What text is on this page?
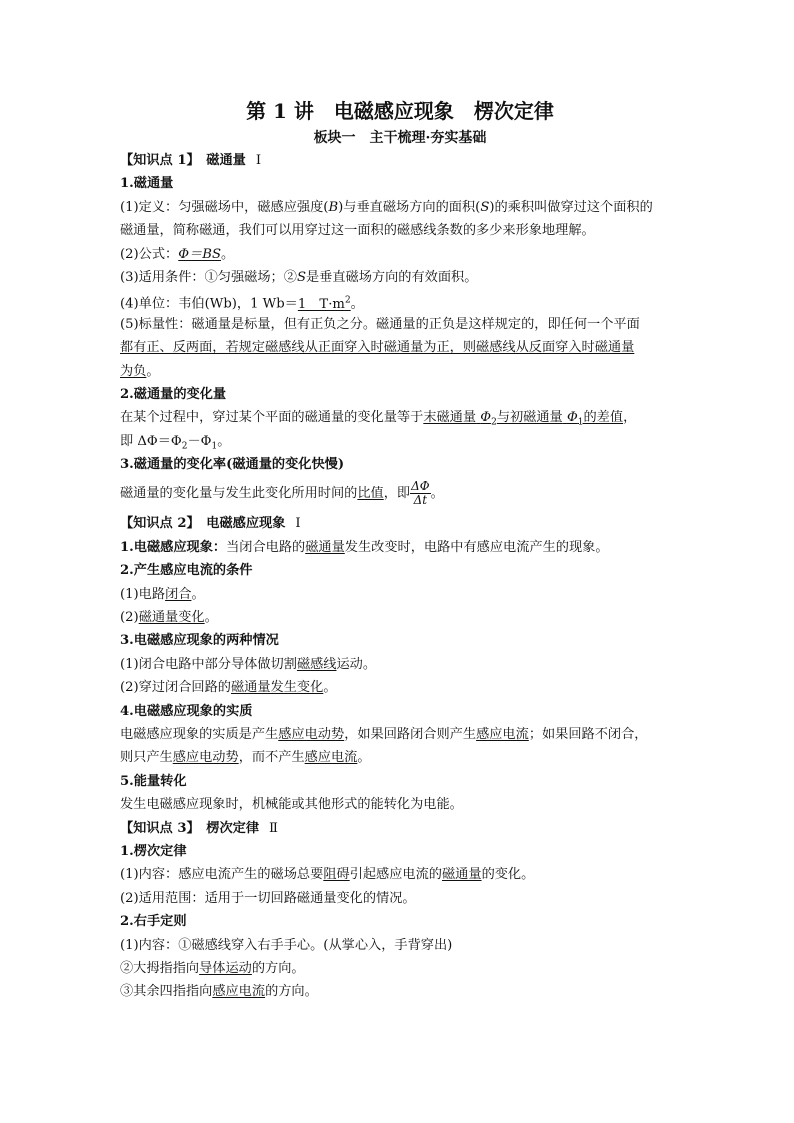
第 1 讲　电磁感应现象　楞次定律
板块一　主干梳理·夯实基础
【知识点 1】　磁通量 Ⅰ
1.磁通量
(1)定义：匀强磁场中，磁感应强度(B)与垂直磁场方向的面积(S)的乘积叫做穿过这个面积的
磁通量，简称磁通，我们可以用穿过这一面积的磁感线条数的多少来形象地理解。
(2)公式：Φ＝BS。
(3)适用条件：①匀强磁场；②S是垂直磁场方向的有效面积。
(4)单位：韦伯(Wb)，1 Wb＝1　$T\cdot m^2$。
(5)标量性：磁通量是标量，但有正负之分。磁通量的正负是这样规定的，即任何一个平面
都有正、反两面，若规定磁感线从正面穿入时磁通量为正，则磁感线从反面穿入时磁通量
为负。
2.磁通量的变化量
在某个过程中，穿过某个平面的磁通量的变化量等于末磁通量 $\Phi_2$与初磁通量 $\Phi_1$的差值，
即 $\Delta\Phi=\Phi_2-\Phi_1$。
3.磁通量的变化率(磁通量的变化快慢)
磁通量的变化量与发生此变化所用时间的比值，即 $\frac{\Delta\Phi}{\Delta t}$ 。
【知识点 2】　电磁感应现象 Ⅰ
1.电磁感应现象：当闭合电路的磁通量发生改变时，电路中有感应电流产生的现象。
2.产生感应电流的条件
(1)电路闭合。
(2)磁通量变化。
3.电磁感应现象的两种情况
(1)闭合电路中部分导体做切割磁感线运动。
(2)穿过闭合回路的磁通量发生变化。
4.电磁感应现象的实质
电磁感应现象的实质是产生感应电动势，如果回路闭合则产生感应电流；如果回路不闭合，
则只产生感应电动势，而不产生感应电流。
5.能量转化
发生电磁感应现象时，机械能或其他形式的能转化为电能。
【知识点 3】　楞次定律 Ⅱ
1.楞次定律
(1)内容：感应电流产生的磁场总要阻碍引起感应电流的磁通量的变化。
(2)适用范围：适用于一切回路磁通量变化的情况。
2.右手定则
(1)内容：①磁感线穿入右手手心。(从掌心入，手背穿出)
②大拇指指向导体运动的方向。
③其余四指指向感应电流的方向。
